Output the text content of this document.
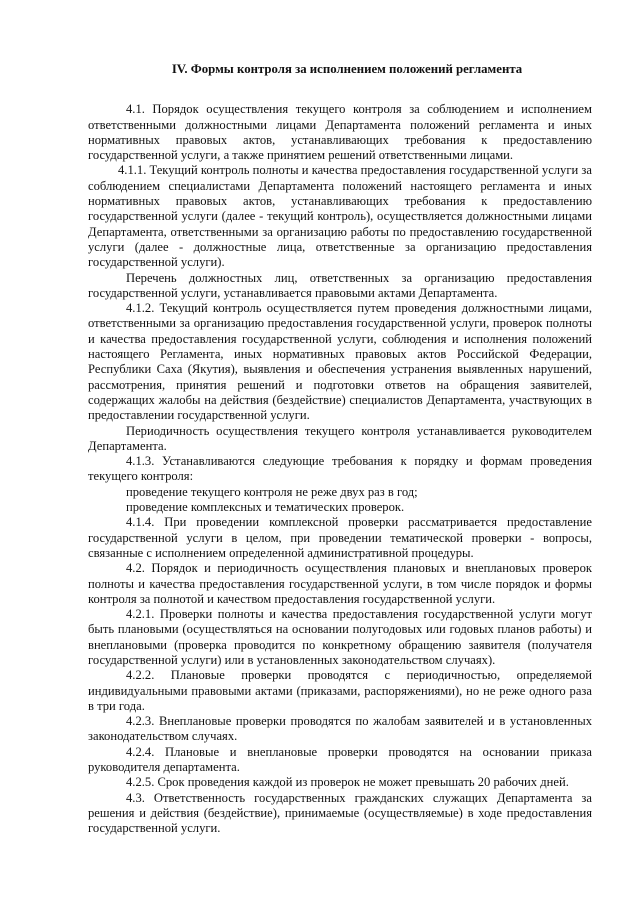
IV. Формы контроля за исполнением положений регламента

4.1. Порядок осуществления текущего контроля за соблюдением и исполнением ответственными должностными лицами Департамента положений регламента и иных нормативных правовых актов, устанавливающих требования к предоставлению государственной услуги, а также принятием решений ответственными лицами.

4.1.1. Текущий контроль полноты и качества предоставления государственной услуги за соблюдением специалистами Департамента положений настоящего регламента и иных нормативных правовых актов, устанавливающих требования к предоставлению государственной услуги (далее - текущий контроль), осуществляется должностными лицами Департамента, ответственными за организацию работы по предоставлению государственной услуги (далее - должностные лица, ответственные за организацию предоставления государственной услуги).

Перечень должностных лиц, ответственных за организацию предоставления государственной услуги, устанавливается правовыми актами Департамента.

4.1.2. Текущий контроль осуществляется путем проведения должностными лицами, ответственными за организацию предоставления государственной услуги, проверок полноты и качества предоставления государственной услуги, соблюдения и исполнения положений настоящего Регламента, иных нормативных правовых актов Российской Федерации, Республики Саха (Якутия), выявления и обеспечения устранения выявленных нарушений, рассмотрения, принятия решений и подготовки ответов на обращения заявителей, содержащих жалобы на действия (бездействие) специалистов Департамента, участвующих в предоставлении государственной услуги.

Периодичность осуществления текущего контроля устанавливается руководителем Департамента.

4.1.3. Устанавливаются следующие требования к порядку и формам проведения текущего контроля:

проведение текущего контроля не реже двух раз в год;

проведение комплексных и тематических проверок.

4.1.4. При проведении комплексной проверки рассматривается предоставление государственной услуги в целом, при проведении тематической проверки - вопросы, связанные с исполнением определенной административной процедуры.

4.2. Порядок и периодичность осуществления плановых и внеплановых проверок полноты и качества предоставления государственной услуги, в том числе порядок и формы контроля за полнотой и качеством предоставления государственной услуги.

4.2.1. Проверки полноты и качества предоставления государственной услуги могут быть плановыми (осуществляться на основании полугодовых или годовых планов работы) и внеплановыми (проверка проводится по конкретному обращению заявителя (получателя государственной услуги) или в установленных законодательством случаях).

4.2.2. Плановые проверки проводятся с периодичностью, определяемой индивидуальными правовыми актами (приказами, распоряжениями), но не реже одного раза в три года.

4.2.3. Внеплановые проверки проводятся по жалобам заявителей и в установленных законодательством случаях.

4.2.4. Плановые и внеплановые проверки проводятся на основании приказа руководителя департамента.

4.2.5. Срок проведения каждой из проверок не может превышать 20 рабочих дней.

4.3. Ответственность государственных гражданских служащих Департамента за решения и действия (бездействие), принимаемые (осуществляемые) в ходе предоставления государственной услуги.
